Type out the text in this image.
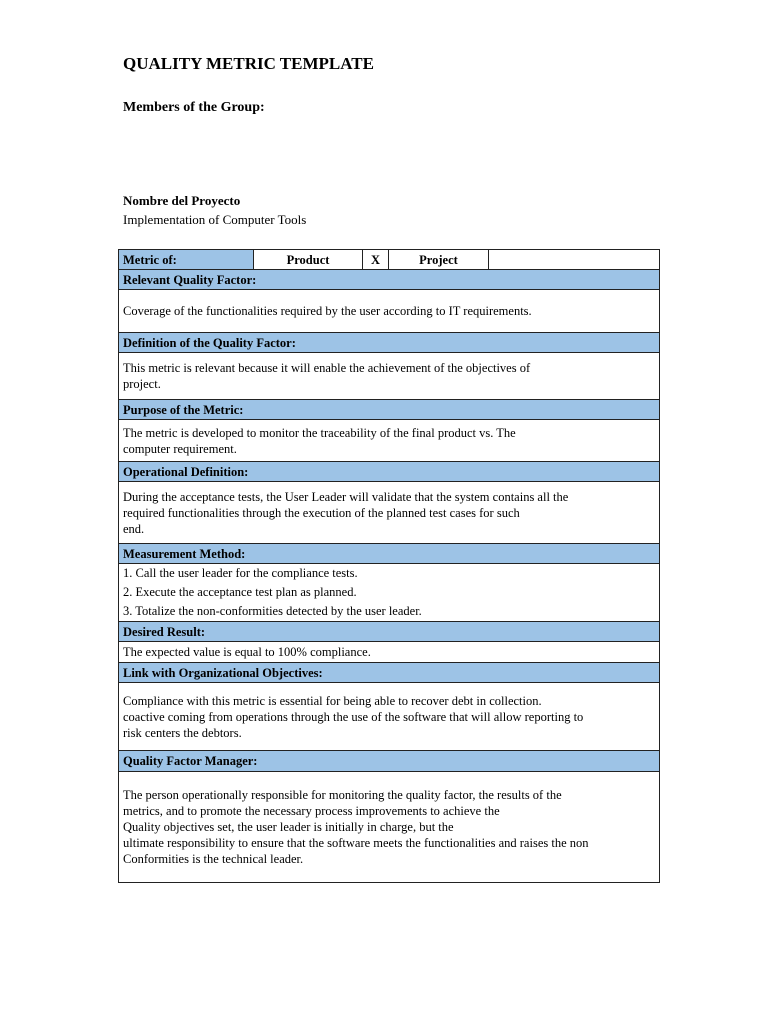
QUALITY METRIC TEMPLATE
Members of the Group:
Nombre del Proyecto
Implementation of Computer Tools
Metric of:	Product	X	Project	
Relevant Quality Factor:
Coverage of the functionalities required by the user according to IT requirements.
Definition of the Quality Factor:

This metric is relevant because it will enable the achievement of the objectives of
project.

Purpose of the Metric:

The metric is developed to monitor the traceability of the final product vs. The
computer requirement.

Operational Definition:

During the acceptance tests, the User Leader will validate that the system contains all the
required functionalities through the execution of the planned test cases for such
end.

Measurement Method:

1. Call the user leader for the compliance tests.
2. Execute the acceptance test plan as planned.
3. Totalize the non-conformities detected by the user leader.

Desired Result:
The expected value is equal to 100% compliance.
Link with Organizational Objectives:

Compliance with this metric is essential for being able to recover debt in collection.
coactive coming from operations through the use of the software that will allow reporting to
risk centers the debtors.

Quality Factor Manager:

The person operationally responsible for monitoring the quality factor, the results of the
metrics, and to promote the necessary process improvements to achieve the
Quality objectives set, the user leader is initially in charge, but the
ultimate responsibility to ensure that the software meets the functionalities and raises the non
Conformities is the technical leader.
